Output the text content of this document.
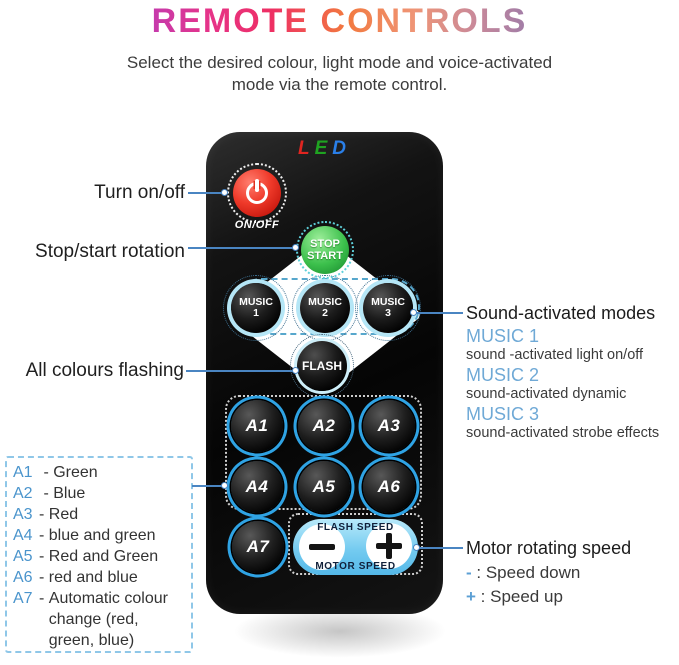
REMOTE CONTROLS
Select the desired colour, light mode and voice-activated
mode via the remote control.
Turn on/off
Stop/start rotation
All colours flashing
A1 - Green
A2 - Blue
A3 - Red
A4 - blue and green
A5 - Red and Green
A6 - red and blue
A7 - Automatic colour change (red, green, blue)
LED
ON/OFF
STOP
START
MUSIC
1
MUSIC
2
MUSIC
3
FLASH
A1	A2 A3
A4	A5 A6
A7
FLASH SPEED
MOTOR SPEED
Sound-activated modes
MUSIC 1
sound -activated light on/off
MUSIC 2
sound-activated dynamic
MUSIC 3
sound-activated strobe effects
Motor rotating speed
- : Speed down
+ : Speed up
